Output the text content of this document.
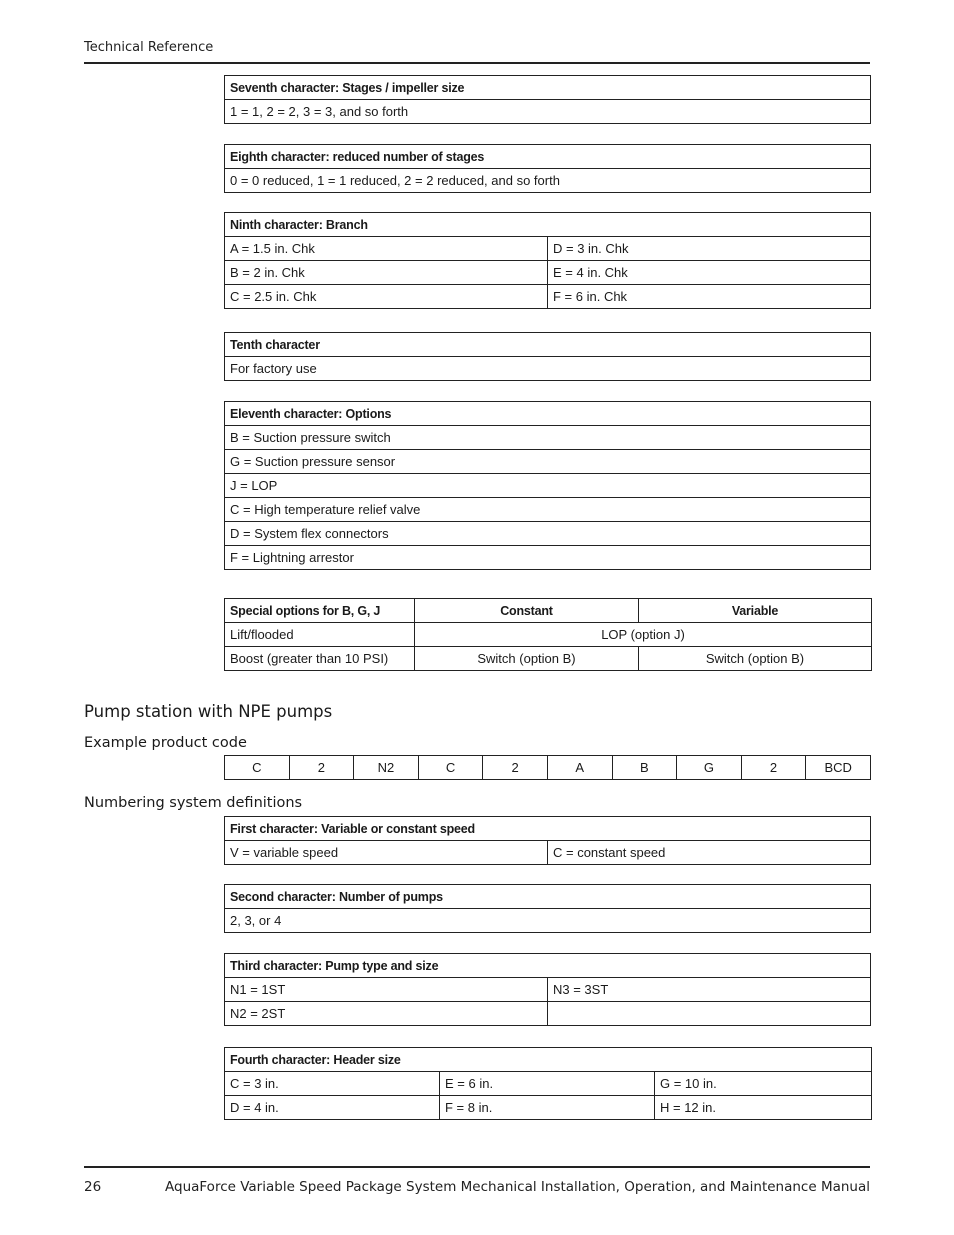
Technical Reference
Seventh character: Stages / impeller size
1 = 1, 2 = 2, 3 = 3, and so forth
Eighth character: reduced number of stages
0 = 0 reduced, 1 = 1 reduced, 2 = 2 reduced, and so forth
Ninth character: Branch	
A = 1.5 in. Chk	D = 3 in. Chk
B = 2 in. Chk	E = 4 in. Chk
C = 2.5 in. Chk	F = 6 in. Chk
Tenth character
For factory use
Eleventh character: Options
B = Suction pressure switch
G = Suction pressure sensor
J = LOP
C = High temperature relief valve
D = System flex connectors
F = Lightning arrestor
Special options for B, G, J	Constant	Variable
Lift/flooded	LOP (option J)	
Boost (greater than 10 PSI)	Switch (option B)	Switch (option B)
Pump station with NPE pumps
Example product code
C	2	N2	C	2	A	B	G	2	BCD
Numbering system definitions
First character: Variable or constant speed
V = variable speed	C = constant speed
Second character: Number of pumps
2, 3, or 4
Third character: Pump type and size	
N1 = 1ST	N3 = 3ST
N2 = 2ST	
Fourth character: Header size		
C = 3 in.	E = 6 in.	G = 10 in.
D = 4 in.	F = 8 in.	H = 12 in.
26	AquaForce Variable Speed Package System Mechanical Installation, Operation, and Maintenance Manual
